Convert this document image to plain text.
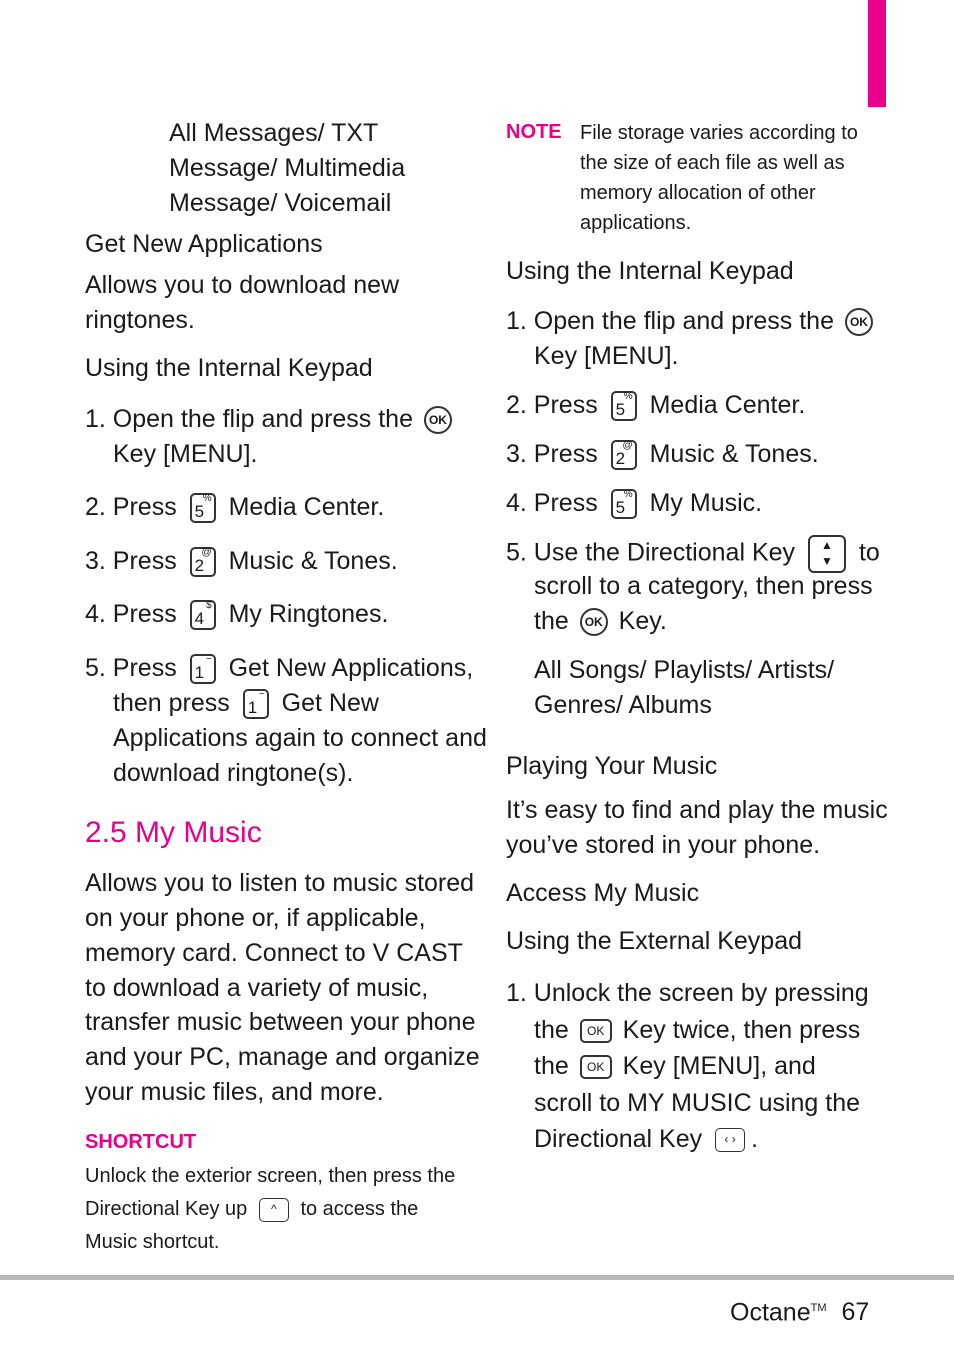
All Messages/ TXT
Message/ Multimedia
Message/ Voicemail
Get New Applications
Allows you to download new
ringtones.
Using the Internal Keypad
1. Open the flip and press the OK
Key [MENU].
2. Press	%
5 Media Center.
3. Press @
2 Music & Tones.
4. Press	$
4 My Ringtones.
5. Press	~
1 Get New Applications,
then press	~
1 Get New
Applications again to connect and
download ringtone(s).
2.5 My Music
Allows you to listen to music stored
on your phone or, if applicable,
memory card. Connect to V CAST
to download a variety of music,
transfer music between your phone
and your PC, manage and organize
your music files, and more.
SHORTCUT
Unlock the exterior screen, then press the
Directional Key up ^ to access the
Music shortcut.
NOTE File storage varies according to
the size of each file as well as
memory allocation of other
applications.
Using the Internal Keypad
1. Open the flip and press the OK
Key [MENU].
2. Press	%
5 Media Center.
3. Press @
2 Music & Tones.
4. Press	%
5 My Music.
5. Use the Directional Key ▲
▼ to
scroll to a category, then press
the OK Key.
All Songs/ Playlists/ Artists/
Genres/ Albums
Playing Your Music
It’s easy to find and play the music
you’ve stored in your phone.
Access My Music
Using the External Keypad
1. Unlock the screen by pressing
the OK Key twice, then press
the OK Key [MENU], and
scroll to MY MUSIC using the
Directional Key ‹ › .
Octane™ 67
